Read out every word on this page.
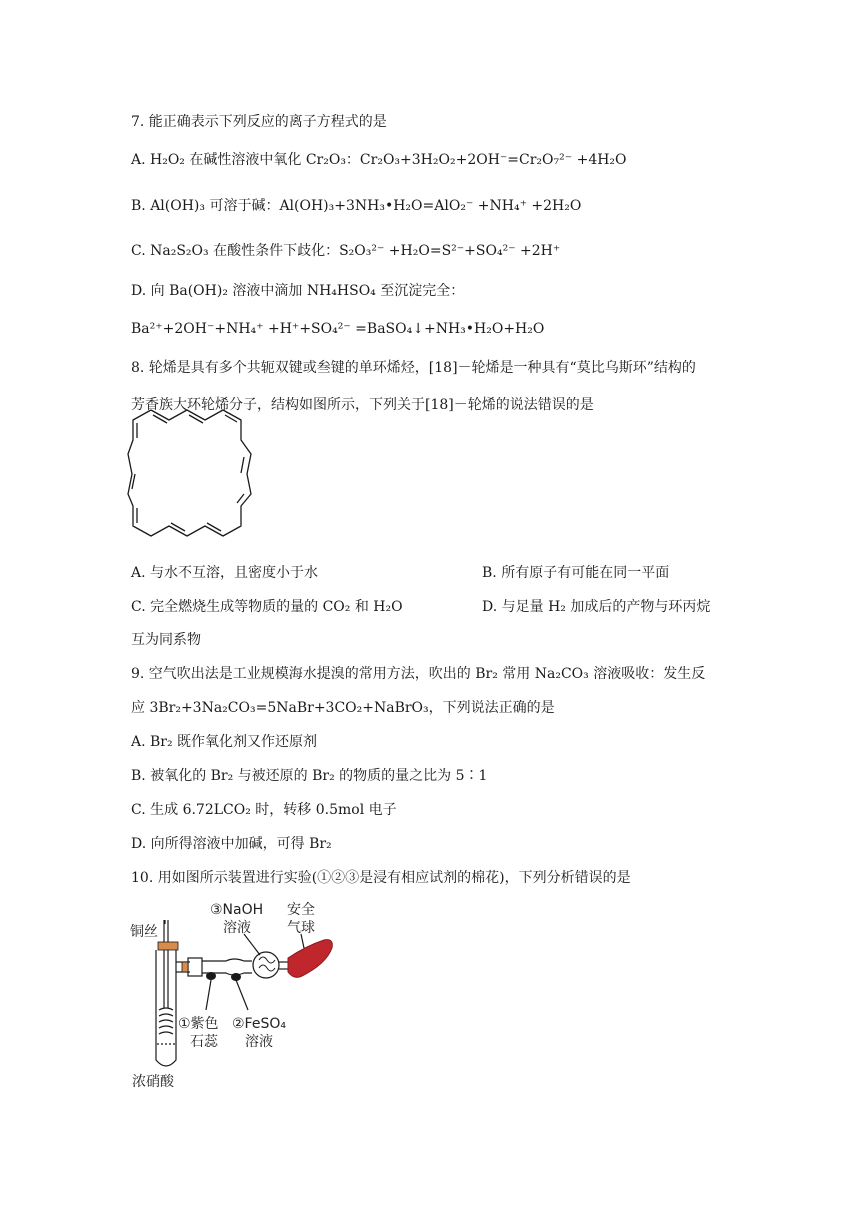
7. 能正确表示下列反应的离子方程式的是
A. H₂O₂ 在碱性溶液中氧化 Cr₂O₃：Cr₂O₃+3H₂O₂+2OH⁻=Cr₂O₇²⁻ +4H₂O
B. Al(OH)₃ 可溶于碱：Al(OH)₃+3NH₃•H₂O=AlO₂⁻ +NH₄⁺ +2H₂O
C. Na₂S₂O₃ 在酸性条件下歧化：S₂O₃²⁻ +H₂O=S²⁻+SO₄²⁻ +2H⁺
D. 向 Ba(OH)₂ 溶液中滴加 NH₄HSO₄ 至沉淀完全：
Ba²⁺+2OH⁻+NH₄⁺ +H⁺+SO₄²⁻ =BaSO₄↓+NH₃•H₂O+H₂O
8. 轮烯是具有多个共轭双键或叁键的单环烯烃，[18]－轮烯是一种具有“莫比乌斯环”结构的
芳香族大环轮烯分子，结构如图所示，下列关于[18]－轮烯的说法错误的是
A. 与水不互溶，且密度小于水	B. 所有原子有可能在同一平面
C. 完全燃烧生成等物质的量的 CO₂ 和 H₂O	D. 与足量 H₂ 加成后的产物与环丙烷
互为同系物
9. 空气吹出法是工业规模海水提溴的常用方法，吹出的 Br₂ 常用 Na₂CO₃ 溶液吸收：发生反
应 3Br₂+3Na₂CO₃=5NaBr+3CO₂+NaBrO₃，下列说法正确的是
A. Br₂ 既作氧化剂又作还原剂
B. 被氧化的 Br₂ 与被还原的 Br₂ 的物质的量之比为 5∶1
C. 生成 6.72LCO₂ 时，转移 0.5mol 电子
D. 向所得溶液中加碱，可得 Br₂
10. 用如图所示装置进行实验(①②③是浸有相应试剂的棉花)，下列分析错误的是
铜丝
③NaOH
溶液
安全
气球
①紫色
石蕊
②FeSO₄
溶液
浓硝酸
